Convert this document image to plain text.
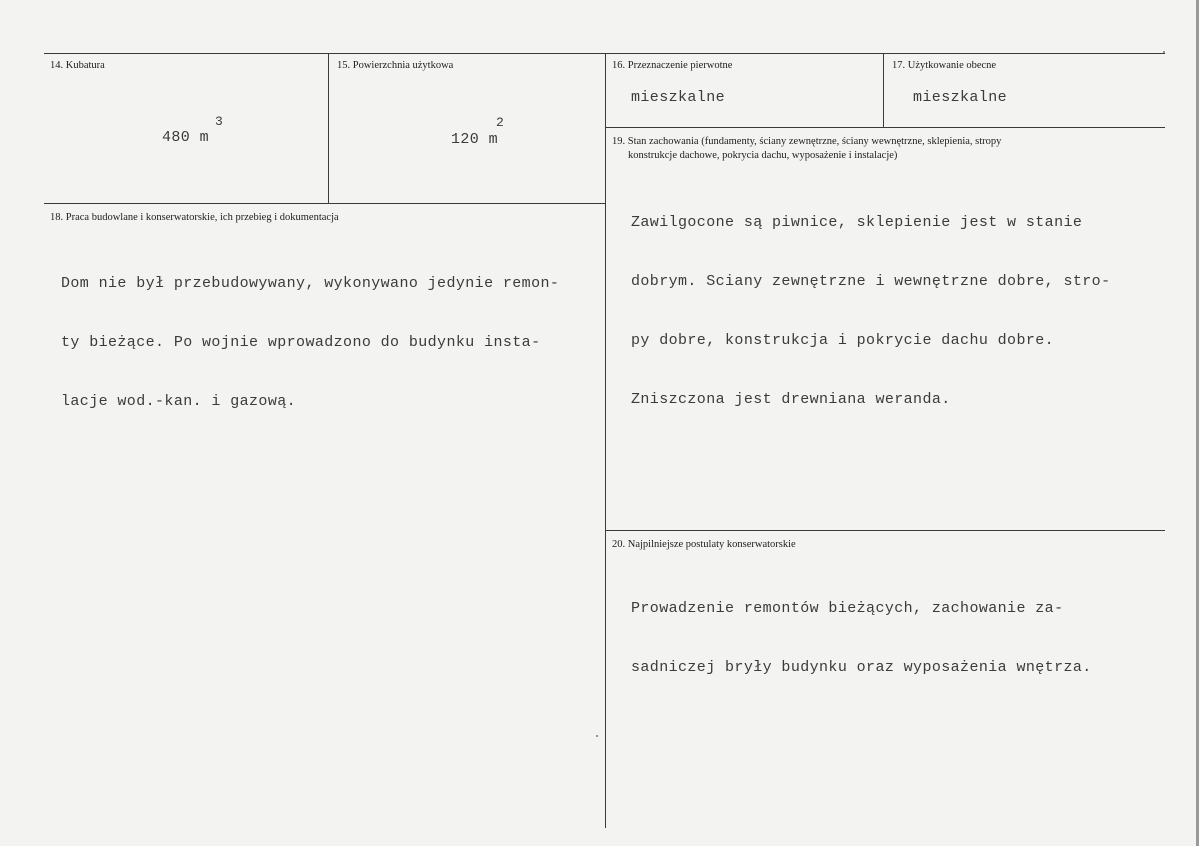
14. Kubatura
480 m
3
15. Powierzchnia użytkowa
120 m
2
16. Przeznaczenie pierwotne
mieszkalne
17. Użytkowanie obecne
mieszkalne
18. Praca budowlane i konserwatorskie, ich przebieg i dokumentacja

Dom nie był przebudowywany, wykonywano jedynie remon-

ty bieżące. Po wojnie wprowadzono do budynku insta-

lacje wod.-kan. i gazową.

19. Stan zachowania (fundamenty, ściany zewnętrzne, ściany wewnętrzne, sklepienia, stropy
konstrukcje dachowe, pokrycia dachu, wyposażenie i instalacje)

Zawilgocone są piwnice, sklepienie jest w stanie

dobrym. Sciany zewnętrzne i wewnętrzne dobre, stro-

py dobre, konstrukcja i pokrycie dachu dobre.

Zniszczona jest drewniana weranda.

20. Najpilniejsze postulaty konserwatorskie

Prowadzenie remontów bieżących, zachowanie za-

sadniczej bryły budynku oraz wyposażenia wnętrza.
